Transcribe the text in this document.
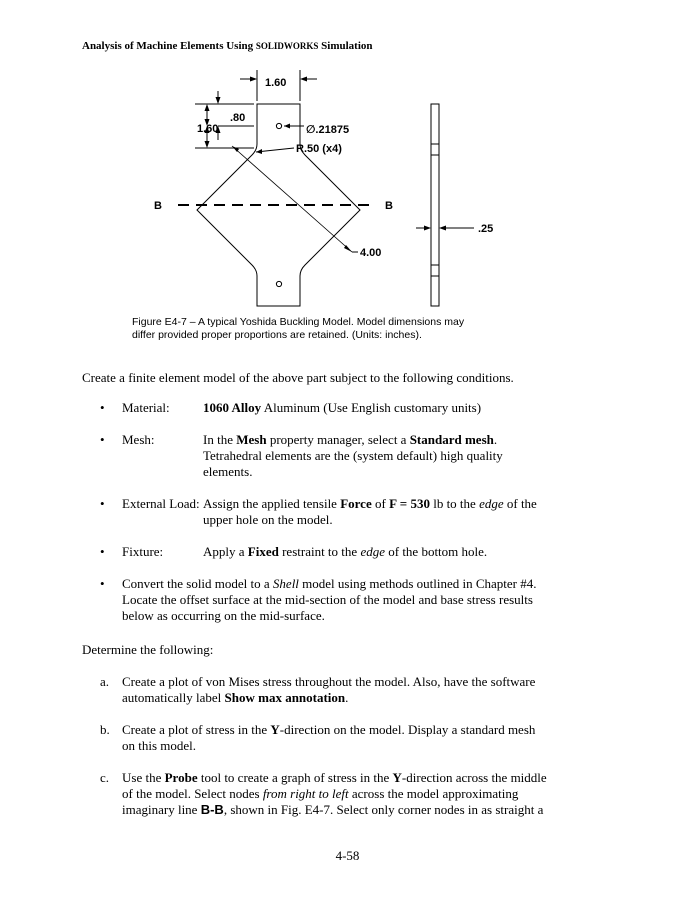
Analysis of Machine Elements Using SOLIDWORKS Simulation
1.60
.80
1.60	∅.21875
R.50 (x4)
B	B
4.00
.25
Figure E4-7 – A typical Yoshida Buckling Model. Model dimensions may
differ provided proper proportions are retained. (Units: inches).
Create a finite element model of the above part subject to the following conditions.
• Material:	1060 Alloy Aluminum (Use English customary units)
• Mesh:	In the Mesh property manager, select a Standard mesh.
Tetrahedral elements are the (system default) high quality
elements.
• External Load: Assign the applied tensile Force of F = 530 lb to the edge of the
upper hole on the model.
• Fixture:	Apply a Fixed restraint to the edge of the bottom hole.
• Convert the solid model to a Shell model using methods outlined in Chapter #4.
Locate the offset surface at the mid-section of the model and base stress results
below as occurring on the mid-surface.
Determine the following:
a. Create a plot of von Mises stress throughout the model. Also, have the software
automatically label Show max annotation.
b. Create a plot of stress in the Y-direction on the model. Display a standard mesh
on this model.
c. Use the Probe tool to create a graph of stress in the Y-direction across the middle
of the model. Select nodes from right to left across the model approximating
imaginary line B-B, shown in Fig. E4-7. Select only corner nodes in as straight a
4-58
